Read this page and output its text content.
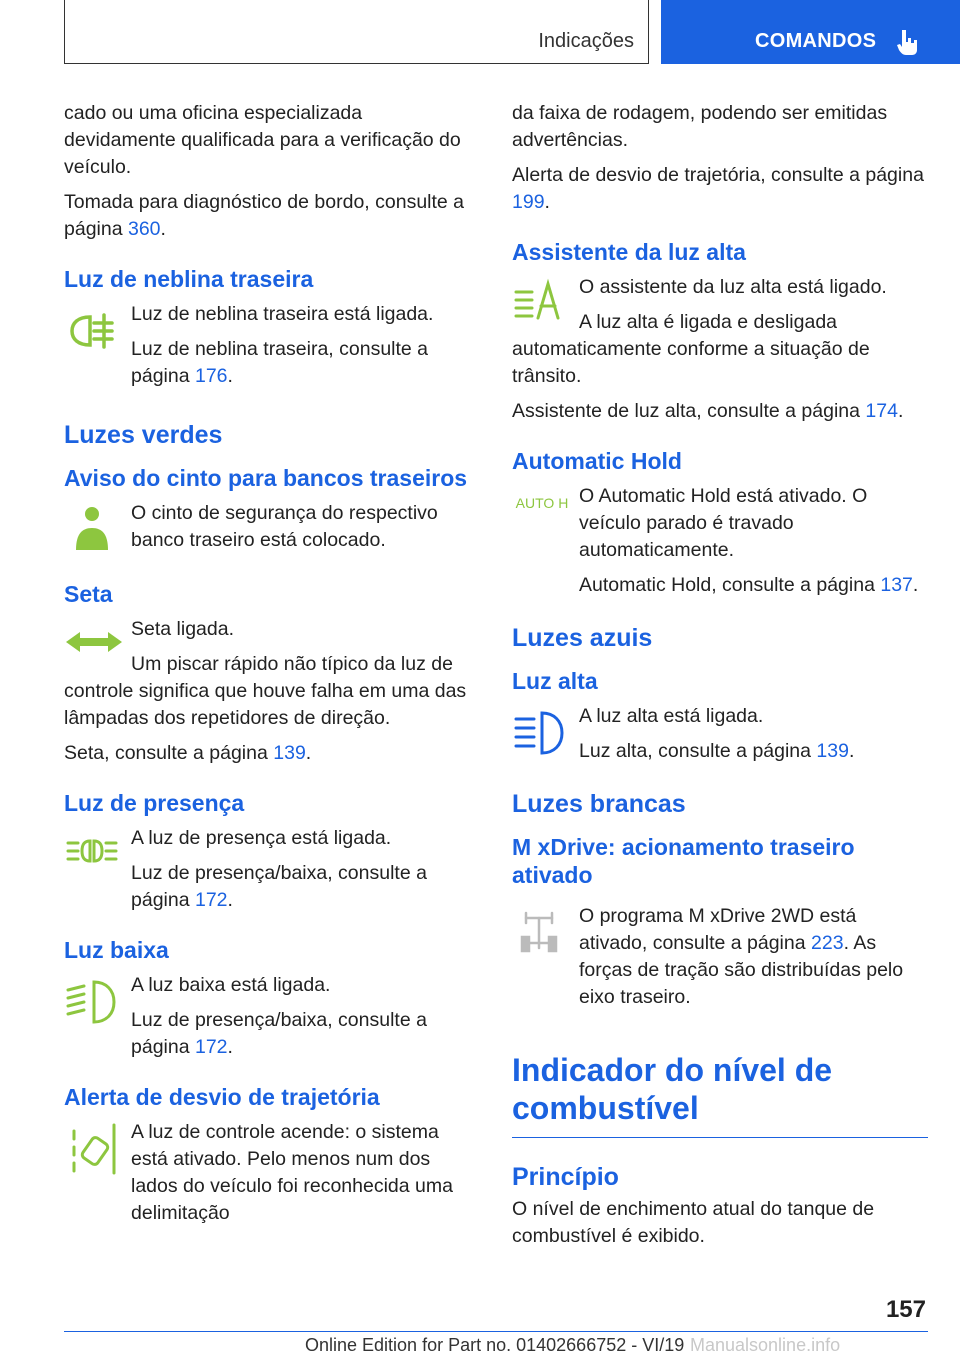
Indicações	COMANDOS

cado ou uma oficina especializada devidamente qualificada para a verificação do veículo.

Tomada para diagnóstico de bordo, consulte a página 360.

Luz de neblina traseira

Luz de neblina traseira está ligada.

Luz de neblina traseira, consulte a página 176.

Luzes verdes
Aviso do cinto para bancos traseiros

O cinto de segurança do respectivo banco traseiro está colocado.

Seta

Seta ligada.

Um piscar rápido não típico da luz de controle significa que houve falha em uma das lâmpadas dos repetidores de direção.

Seta, consulte a página 139.

Luz de presença

A luz de presença está ligada.

Luz de presença/baixa, consulte a página 172.

Luz baixa

A luz baixa está ligada.

Luz de presença/baixa, consulte a página 172.

Alerta de desvio de trajetória

A luz de controle acende: o sistema está ativado. Pelo menos num dos lados do veículo foi reconhecida uma delimitação

da faixa de rodagem, podendo ser emitidas advertências.

Alerta de desvio de trajetória, consulte a página 199.

Assistente da luz alta

O assistente da luz alta está ligado.

A luz alta é ligada e desligada automaticamente conforme a situação de trânsito.

Assistente de luz alta, consulte a página 174.

Automatic Hold
AUTO H O Automatic Hold está ativado. O veículo parado é travado automaticamente.

Automatic Hold, consulte a página 137.

Luzes azuis
Luz alta

A luz alta está ligada.

Luz alta, consulte a página 139.

Luzes brancas
M xDrive: acionamento traseiro ativado

O programa M xDrive 2WD está ativado, consulte a página 223. As forças de tração são distribuídas pelo eixo traseiro.

Indicador do nível de combustível

Princípio

O nível de enchimento atual do tanque de combustível é exibido.

157
Online Edition for Part no. 01402666752 - VI/19 Manualsonline.info
